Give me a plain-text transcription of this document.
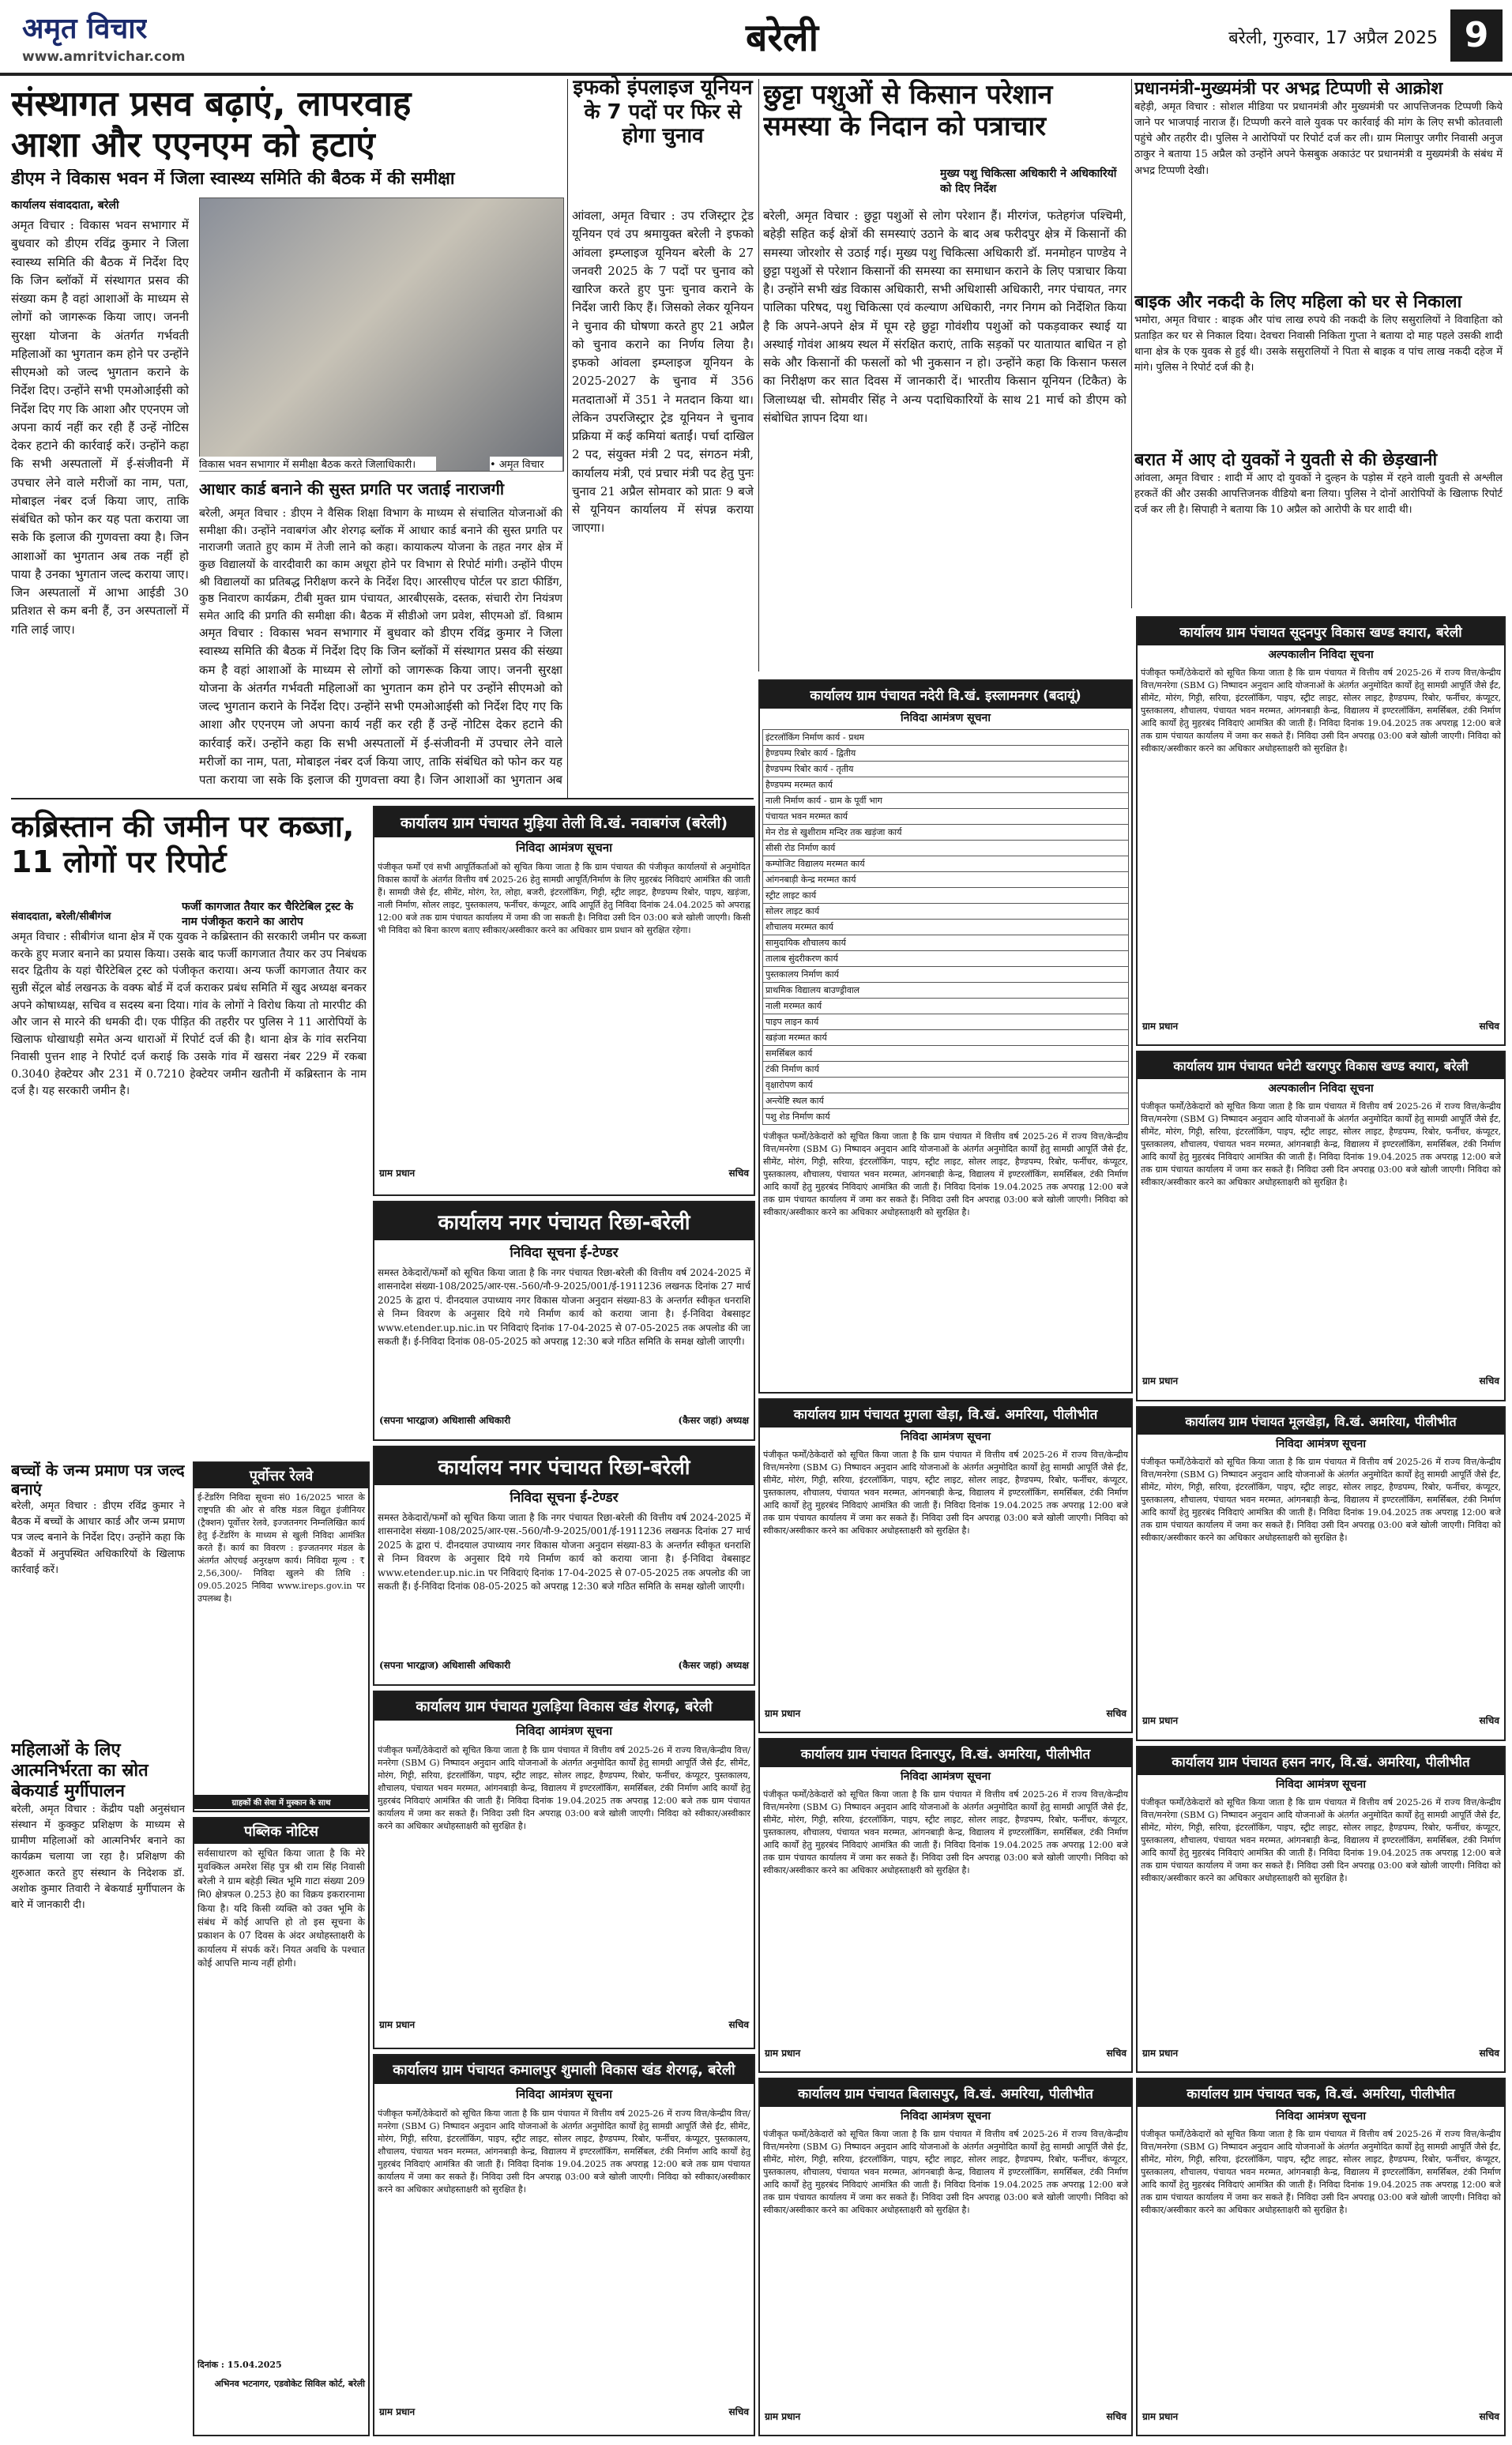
अमृत विचार
www.amritvichar.com	बरेली	बरेली, गुरुवार, 17 अप्रैल 2025 9
संस्थागत प्रसव बढ़ाएं, लापरवाह
आशा और एएनएम को हटाएं
डीएम ने विकास भवन में जिला स्वास्थ्य समिति की बैठक में की समीक्षा
कार्यालय संवाददाता, बरेली
अमृत विचार : विकास भवन सभागार में बुधवार को डीएम रविंद्र कुमार ने जिला स्वास्थ्य समिति की बैठक में निर्देश दिए कि जिन ब्लॉकों में संस्थागत प्रसव की संख्या कम है वहां आशाओं के माध्यम से लोगों को जागरूक किया जाए। जननी सुरक्षा योजना के अंतर्गत गर्भवती महिलाओं का भुगतान कम होने पर उन्होंने सीएमओ को जल्द भुगतान कराने के निर्देश दिए। उन्होंने सभी एमओआईसी को निर्देश दिए गए कि आशा और एएनएम जो अपना कार्य नहीं कर रही हैं उन्हें नोटिस देकर हटाने की कार्रवाई करें। उन्होंने कहा कि सभी अस्पतालों में ई-संजीवनी में उपचार लेने वाले मरीजों का नाम, पता, मोबाइल नंबर दर्ज किया जाए, ताकि संबंधित को फोन कर यह पता कराया जा सके कि इलाज की गुणवत्ता क्या है। जिन आशाओं का भुगतान अब तक नहीं हो पाया है उनका भुगतान जल्द कराया जाए। जिन अस्पतालों में आभा आईडी 30 प्रतिशत से कम बनी हैं, उन अस्पतालों में गति लाई जाए।
विकास भवन सभागार में समीक्षा बैठक करते जिलाधिकारी।	• अमृत विचार
अमृत विचार : विकास भवन सभागार में बुधवार को डीएम रविंद्र कुमार ने जिला स्वास्थ्य समिति की बैठक में निर्देश दिए कि जिन ब्लॉकों में संस्थागत प्रसव की संख्या कम है वहां आशाओं के माध्यम से लोगों को जागरूक किया जाए। जननी सुरक्षा योजना के अंतर्गत गर्भवती महिलाओं का भुगतान कम होने पर उन्होंने सीएमओ को जल्द भुगतान कराने के निर्देश दिए। उन्होंने सभी एमओआईसी को निर्देश दिए गए कि आशा और एएनएम जो अपना कार्य नहीं कर रही हैं उन्हें नोटिस देकर हटाने की कार्रवाई करें। उन्होंने कहा कि सभी अस्पतालों में ई-संजीवनी में उपचार लेने वाले मरीजों का नाम, पता, मोबाइल नंबर दर्ज किया जाए, ताकि संबंधित को फोन कर यह पता कराया जा सके कि इलाज की गुणवत्ता क्या है। जिन आशाओं का भुगतान अब
आधार कार्ड बनाने की सुस्त प्रगति पर जताई नाराजगी
बरेली, अमृत विचार : डीएम ने वैसिक शिक्षा विभाग के माध्यम से संचालित योजनाओं की समीक्षा की। उन्होंने नवाबगंज और शेरगढ़ ब्लॉक में आधार कार्ड बनाने की सुस्त प्रगति पर नाराजगी जताते हुए काम में तेजी लाने को कहा। कायाकल्प योजना के तहत नगर क्षेत्र में कुछ विद्यालयों के वारदीवारी का काम अधूरा होने पर विभाग से रिपोर्ट मांगी। उन्होंने पीएम श्री विद्यालयों का प्रतिबद्ध निरीक्षण करने के निर्देश दिए। आरसीएच पोर्टल पर डाटा फीडिंग, कुष्ठ निवारण कार्यक्रम, टीबी मुक्त ग्राम पंचायत, आरबीएसके, दस्तक, संचारी रोग नियंत्रण समेत आदि की प्रगति की समीक्षा की। बैठक में सीडीओ जग प्रवेश, सीएमओ डॉ. विश्राम
इफको इंपलाइज यूनियन के 7 पदों पर फिर से होगा चुनाव
आंवला, अमृत विचार : उप रजिस्ट्रार ट्रेड यूनियन एवं उप श्रमायुक्त बरेली ने इफको आंवला इम्प्लाइज यूनियन बरेली के 27 जनवरी 2025 के 7 पदों पर चुनाव को खारिज करते हुए पुनः चुनाव कराने के निर्देश जारी किए हैं। जिसको लेकर यूनियन ने चुनाव की घोषणा करते हुए 21 अप्रैल को चुनाव कराने का निर्णय लिया है। इफको आंवला इम्प्लाइज यूनियन के 2025-2027 के चुनाव में 356 मतदाताओं में 351 ने मतदान किया था। लेकिन उपरजिस्ट्रार ट्रेड यूनियन ने चुनाव प्रक्रिया में कई कमियां बताईं। पर्चा दाखिल 2 पद, संयुक्त मंत्री 2 पद, संगठन मंत्री, कार्यालय मंत्री, एवं प्रचार मंत्री पद हेतु पुनः चुनाव 21 अप्रैल सोमवार को प्रातः 9 बजे से यूनियन कार्यालय में संपन्न कराया जाएगा।
छुट्टा पशुओं से किसान परेशान
समस्या के निदान को पत्राचार
मुख्य पशु चिकित्सा अधिकारी ने अधिकारियों को दिए निर्देश
बरेली, अमृत विचार : छुट्टा पशुओं से लोग परेशान हैं। मीरगंज, फतेहगंज पश्चिमी, बहेड़ी सहित कई क्षेत्रों की समस्याएं उठाने के बाद अब फरीदपुर क्षेत्र में किसानों की समस्या जोरशोर से उठाई गई। मुख्य पशु चिकित्सा अधिकारी डॉ. मनमोहन पाण्डेय ने छुट्टा पशुओं से परेशान किसानों की समस्या का समाधान कराने के लिए पत्राचार किया है। उन्होंने सभी खंड विकास अधिकारी, सभी अधिशासी अधिकारी, नगर पंचायत, नगर पालिका परिषद, पशु चिकित्सा एवं कल्याण अधिकारी, नगर निगम को निर्देशित किया है कि अपने-अपने क्षेत्र में घूम रहे छुट्टा गोवंशीय पशुओं को पकड़वाकर स्थाई या अस्थाई गोवंश आश्रय स्थल में संरक्षित कराएं, ताकि सड़कों पर यातायात बाधित न हो सके और किसानों की फसलों को भी नुकसान न हो। उन्होंने कहा कि किसान फसल का निरीक्षण कर सात दिवस में जानकारी दें। भारतीय किसान यूनियन (टिकैत) के जिलाध्यक्ष ची. सोमवीर सिंह ने अन्य पदाधिकारियों के साथ 21 मार्च को डीएम को संबोधित ज्ञापन दिया था।
प्रधानमंत्री-मुख्यमंत्री पर अभद्र टिप्पणी से आक्रोश
बहेड़ी, अमृत विचार : सोशल मीडिया पर प्रधानमंत्री और मुख्यमंत्री पर आपत्तिजनक टिप्पणी किये जाने पर भाजपाई नाराज हैं। टिप्पणी करने वाले युवक पर कार्रवाई की मांग के लिए सभी कोतवाली पहुंचे और तहरीर दी। पुलिस ने आरोपियों पर रिपोर्ट दर्ज कर ली। ग्राम मिलापुर जगीर निवासी अनुज ठाकुर ने बताया 15 अप्रैल को उन्होंने अपने फेसबुक अकाउंट पर प्रधानमंत्री व मुख्यमंत्री के संबंध में अभद्र टिप्पणी देखी।
बाइक और नकदी के लिए महिला को घर से निकाला
भमोरा, अमृत विचार : बाइक और पांच लाख रुपये की नकदी के लिए ससुरालियों ने विवाहिता को प्रताड़ित कर घर से निकाल दिया। देवचरा निवासी निकिता गुप्ता ने बताया दो माह पहले उसकी शादी थाना क्षेत्र के एक युवक से हुई थी। उसके ससुरालियों ने पिता से बाइक व पांच लाख नकदी दहेज में मांगे। पुलिस ने रिपोर्ट दर्ज की है।
बरात में आए दो युवकों ने युवती से की छेड़खानी
आंवला, अमृत विचार : शादी में आए दो युवकों ने दुल्हन के पड़ोस में रहने वाली युवती से अश्लील हरकतें कीं और उसकी आपत्तिजनक वीडियो बना लिया। पुलिस ने दोनों आरोपियों के खिलाफ रिपोर्ट दर्ज कर ली है। सिपाही ने बताया कि 10 अप्रैल को आरोपी के घर शादी थी।
कब्रिस्तान की जमीन पर कब्जा, 11 लोगों पर रिपोर्ट
फर्जी कागजात तैयार कर चैरिटेबिल ट्रस्ट के नाम पंजीकृत कराने का आरोप
संवाददाता, बरेली/सीबीगंज
अमृत विचार : सीबीगंज थाना क्षेत्र में एक युवक ने कब्रिस्तान की सरकारी जमीन पर कब्जा करके हुए मजार बनाने का प्रयास किया। उसके बाद फर्जी कागजात तैयार कर उप निबंधक सदर द्वितीय के यहां चैरिटेबिल ट्रस्ट को पंजीकृत कराया। अन्य फर्जी कागजात तैयार कर सुन्नी सेंट्रल बोर्ड लखनऊ के वक्फ बोर्ड में दर्ज कराकर प्रबंध समिति में खुद अध्यक्ष बनकर अपने कोषाध्यक्ष, सचिव व सदस्य बना दिया। गांव के लोगों ने विरोध किया तो मारपीट की और जान से मारने की धमकी दी। एक पीड़ित की तहरीर पर पुलिस ने 11 आरोपियों के खिलाफ धोखाधड़ी समेत अन्य धाराओं में रिपोर्ट दर्ज की है। थाना क्षेत्र के गांव सरनिया निवासी पुत्तन शाह ने रिपोर्ट दर्ज कराई कि उसके गांव में खसरा नंबर 229 में रकबा 0.3040 हेक्टेयर और 231 में 0.7210 हेक्टेयर जमीन खतौनी में कब्रिस्तान के नाम दर्ज है। यह सरकारी जमीन है।
बच्चों के जन्म प्रमाण पत्र जल्द बनाएं
बरेली, अमृत विचार : डीएम रविंद्र कुमार ने बैठक में बच्चों के आधार कार्ड और जन्म प्रमाण पत्र जल्द बनाने के निर्देश दिए। उन्होंने कहा कि बैठकों में अनुपस्थित अधिकारियों के खिलाफ कार्रवाई करें।
महिलाओं के लिए आत्मनिर्भरता का स्रोत बेकयार्ड मुर्गीपालन
बरेली, अमृत विचार : केंद्रीय पक्षी अनुसंधान संस्थान में कुक्कुट प्रशिक्षण के माध्यम से ग्रामीण महिलाओं को आत्मनिर्भर बनाने का कार्यक्रम चलाया जा रहा है। प्रशिक्षण की शुरुआत करते हुए संस्थान के निदेशक डॉ. अशोक कुमार तिवारी ने बेकयार्ड मुर्गीपालन के बारे में जानकारी दी।
पूर्वोत्तर रेलवे
ई-टेंडरिंग निविदा सूचना सं0 16/2025 भारत के राष्ट्रपति की ओर से वरिष्ठ मंडल विद्युत इंजीनियर (ट्रैक्शन) पूर्वोत्तर रेलवे, इज्जतनगर निम्नलिखित कार्य हेतु ई-टेंडरिंग के माध्यम से खुली निविदा आमंत्रित करते हैं। कार्य का विवरण : इज्जतनगर मंडल के अंतर्गत ओएचई अनुरक्षण कार्य। निविदा मूल्य : ₹ 2,56,300/- निविदा खुलने की तिथि : 09.05.2025 निविदा www.ireps.gov.in पर उपलब्ध है।
ग्राहकों की सेवा में मुस्कान के साथ
पब्लिक नोटिस
सर्वसाधारण को सूचित किया जाता है कि मेरे मुवक्किल अमरेश सिंह पुत्र श्री राम सिंह निवासी बरेली ने ग्राम बहेड़ी स्थित भूमि गाटा संख्या 209 मि0 क्षेत्रफल 0.253 हे0 का विक्रय इकरारनामा किया है। यदि किसी व्यक्ति को उक्त भूमि के संबंध में कोई आपत्ति हो तो इस सूचना के प्रकाशन के 07 दिवस के अंदर अधोहस्ताक्षरी के कार्यालय में संपर्क करें। नियत अवधि के पश्चात कोई आपत्ति मान्य नहीं होगी।
दिनांक : 15.04.2025
अभिनव भटनागर, एडवोकेट सिविल कोर्ट, बरेली
कार्यालय ग्राम पंचायत मुड़िया तेली वि.खं. नवाबगंज (बरेली)
निविदा आमंत्रण सूचना
पंजीकृत फर्मों एवं सभी आपूर्तिकर्ताओं को सूचित किया जाता है कि ग्राम पंचायत की पंजीकृत कार्यालयों से अनुमोदित विकास कार्यों के अंतर्गत वित्तीय वर्ष 2025-26 हेतु सामग्री आपूर्ति/निर्माण के लिए मुहरबंद निविदाएं आमंत्रित की जाती हैं। सामग्री जैसे ईंट, सीमेंट, मोरंग, रेत, लोहा, बजरी, इंटरलॉकिंग, गिट्टी, स्ट्रीट लाइट, हैण्डपम्प रिबोर, पाइप, खड़ंजा, नाली निर्माण, सोलर लाइट, पुस्तकालय, फर्नीचर, कंप्यूटर, आदि आपूर्ति हेतु निविदा दिनांक 24.04.2025 को अपराह्न 12:00 बजे तक ग्राम पंचायत कार्यालय में जमा की जा सकती है। निविदा उसी दिन 03:00 बजे खोली जाएगी। किसी भी निविदा को बिना कारण बताए स्वीकार/अस्वीकार करने का अधिकार ग्राम प्रधान को सुरक्षित रहेगा।
ग्राम प्रधान	सचिव
कार्यालय नगर पंचायत रिछा-बरेली
निविदा सूचना ई-टेण्डर
समस्त ठेकेदारों/फर्मों को सूचित किया जाता है कि नगर पंचायत रिछा-बरेली की वित्तीय वर्ष 2024-2025 में शासनादेश संख्या-108/2025/आर-एस.-560/नौ-9-2025/001/ई-1911236 लखनऊ दिनांक 27 मार्च 2025 के द्वारा पं. दीनदयाल उपाध्याय नगर विकास योजना अनुदान संख्या-83 के अन्तर्गत स्वीकृत धनराशि से निम्न विवरण के अनुसार दिये गये निर्माण कार्य को कराया जाना है। ई-निविदा वेबसाइट www.etender.up.nic.in पर निविदाएं दिनांक 17-04-2025 से 07-05-2025 तक अपलोड की जा सकती हैं। ई-निविदा दिनांक 08-05-2025 को अपराह्न 12:30 बजे गठित समिति के समक्ष खोली जाएगी।
(सपना भारद्वाज) अधिशासी अधिकारी	(कैसर जहां) अध्यक्ष
कार्यालय नगर पंचायत रिछा-बरेली
निविदा सूचना ई-टेण्डर
समस्त ठेकेदारों/फर्मों को सूचित किया जाता है कि नगर पंचायत रिछा-बरेली की वित्तीय वर्ष 2024-2025 में शासनादेश संख्या-108/2025/आर-एस.-560/नौ-9-2025/001/ई-1911236 लखनऊ दिनांक 27 मार्च 2025 के द्वारा पं. दीनदयाल उपाध्याय नगर विकास योजना अनुदान संख्या-83 के अन्तर्गत स्वीकृत धनराशि से निम्न विवरण के अनुसार दिये गये निर्माण कार्य को कराया जाना है। ई-निविदा वेबसाइट www.etender.up.nic.in पर निविदाएं दिनांक 17-04-2025 से 07-05-2025 तक अपलोड की जा सकती हैं। ई-निविदा दिनांक 08-05-2025 को अपराह्न 12:30 बजे गठित समिति के समक्ष खोली जाएगी।
(सपना भारद्वाज) अधिशासी अधिकारी	(कैसर जहां) अध्यक्ष
कार्यालय ग्राम पंचायत गुलड़िया विकास खंड शेरगढ़, बरेली
निविदा आमंत्रण सूचना
पंजीकृत फर्मों/ठेकेदारों को सूचित किया जाता है कि ग्राम पंचायत में वित्तीय वर्ष 2025-26 में राज्य वित्त/केन्द्रीय वित्त/मनरेगा (SBM G) निष्पादन अनुदान आदि योजनाओं के अंतर्गत अनुमोदित कार्यों हेतु सामग्री आपूर्ति जैसे ईंट, सीमेंट, मोरंग, गिट्टी, सरिया, इंटरलॉकिंग, पाइप, स्ट्रीट लाइट, सोलर लाइट, हैण्डपम्प, रिबोर, फर्नीचर, कंप्यूटर, पुस्तकालय, शौचालय, पंचायत भवन मरम्मत, आंगनबाड़ी केन्द्र, विद्यालय में इण्टरलॉकिंग, समर्सिबल, टंकी निर्माण आदि कार्यों हेतु मुहरबंद निविदाएं आमंत्रित की जाती हैं। निविदा दिनांक 19.04.2025 तक अपराह्न 12:00 बजे तक ग्राम पंचायत कार्यालय में जमा कर सकते हैं। निविदा उसी दिन अपराह्न 03:00 बजे खोली जाएगी। निविदा को स्वीकार/अस्वीकार करने का अधिकार अधोहस्ताक्षरी को सुरक्षित है।
ग्राम प्रधान	सचिव
कार्यालय ग्राम पंचायत कमालपुर शुमाली विकास खंड शेरगढ़, बरेली
निविदा आमंत्रण सूचना
पंजीकृत फर्मों/ठेकेदारों को सूचित किया जाता है कि ग्राम पंचायत में वित्तीय वर्ष 2025-26 में राज्य वित्त/केन्द्रीय वित्त/मनरेगा (SBM G) निष्पादन अनुदान आदि योजनाओं के अंतर्गत अनुमोदित कार्यों हेतु सामग्री आपूर्ति जैसे ईंट, सीमेंट, मोरंग, गिट्टी, सरिया, इंटरलॉकिंग, पाइप, स्ट्रीट लाइट, सोलर लाइट, हैण्डपम्प, रिबोर, फर्नीचर, कंप्यूटर, पुस्तकालय, शौचालय, पंचायत भवन मरम्मत, आंगनबाड़ी केन्द्र, विद्यालय में इण्टरलॉकिंग, समर्सिबल, टंकी निर्माण आदि कार्यों हेतु मुहरबंद निविदाएं आमंत्रित की जाती हैं। निविदा दिनांक 19.04.2025 तक अपराह्न 12:00 बजे तक ग्राम पंचायत कार्यालय में जमा कर सकते हैं। निविदा उसी दिन अपराह्न 03:00 बजे खोली जाएगी। निविदा को स्वीकार/अस्वीकार करने का अधिकार अधोहस्ताक्षरी को सुरक्षित है।
ग्राम प्रधान	सचिव
कार्यालय ग्राम पंचायत नदेरी वि.खं. इस्लामनगर (बदायूं)
निविदा आमंत्रण सूचना
इंटरलॉकिंग निर्माण कार्य - प्रथम
हैण्डपम्प रिबोर कार्य - द्वितीय
हैण्डपम्प रिबोर कार्य - तृतीय
हैण्डपम्प मरम्मत कार्य
नाली निर्माण कार्य - ग्राम के पूर्वी भाग
पंचायत भवन मरम्मत कार्य
मेन रोड से खुशीराम मन्दिर तक खड़ंजा कार्य
सीसी रोड निर्माण कार्य
कम्पोजिट विद्यालय मरम्मत कार्य
आंगनबाड़ी केन्द्र मरम्मत कार्य
स्ट्रीट लाइट कार्य
सोलर लाइट कार्य
शौचालय मरम्मत कार्य
सामुदायिक शौचालय कार्य
तालाब सुंदरीकरण कार्य
पुस्तकालय निर्माण कार्य
प्राथमिक विद्यालय बाउण्ड्रीवाल
नाली मरम्मत कार्य
पाइप लाइन कार्य
खड़ंजा मरम्मत कार्य
समर्सिबल कार्य
टंकी निर्माण कार्य
वृक्षारोपण कार्य
अन्त्येष्टि स्थल कार्य
पशु शेड निर्माण कार्य
पंजीकृत फर्मों/ठेकेदारों को सूचित किया जाता है कि ग्राम पंचायत में वित्तीय वर्ष 2025-26 में राज्य वित्त/केन्द्रीय वित्त/मनरेगा (SBM G) निष्पादन अनुदान आदि योजनाओं के अंतर्गत अनुमोदित कार्यों हेतु सामग्री आपूर्ति जैसे ईंट, सीमेंट, मोरंग, गिट्टी, सरिया, इंटरलॉकिंग, पाइप, स्ट्रीट लाइट, सोलर लाइट, हैण्डपम्प, रिबोर, फर्नीचर, कंप्यूटर, पुस्तकालय, शौचालय, पंचायत भवन मरम्मत, आंगनबाड़ी केन्द्र, विद्यालय में इण्टरलॉकिंग, समर्सिबल, टंकी निर्माण आदि कार्यों हेतु मुहरबंद निविदाएं आमंत्रित की जाती हैं। निविदा दिनांक 19.04.2025 तक अपराह्न 12:00 बजे तक ग्राम पंचायत कार्यालय में जमा कर सकते हैं। निविदा उसी दिन अपराह्न 03:00 बजे खोली जाएगी। निविदा को स्वीकार/अस्वीकार करने का अधिकार अधोहस्ताक्षरी को सुरक्षित है।
कार्यालय ग्राम पंचायत मुगला खेड़ा, वि.खं. अमरिया, पीलीभीत
निविदा आमंत्रण सूचना
पंजीकृत फर्मों/ठेकेदारों को सूचित किया जाता है कि ग्राम पंचायत में वित्तीय वर्ष 2025-26 में राज्य वित्त/केन्द्रीय वित्त/मनरेगा (SBM G) निष्पादन अनुदान आदि योजनाओं के अंतर्गत अनुमोदित कार्यों हेतु सामग्री आपूर्ति जैसे ईंट, सीमेंट, मोरंग, गिट्टी, सरिया, इंटरलॉकिंग, पाइप, स्ट्रीट लाइट, सोलर लाइट, हैण्डपम्प, रिबोर, फर्नीचर, कंप्यूटर, पुस्तकालय, शौचालय, पंचायत भवन मरम्मत, आंगनबाड़ी केन्द्र, विद्यालय में इण्टरलॉकिंग, समर्सिबल, टंकी निर्माण आदि कार्यों हेतु मुहरबंद निविदाएं आमंत्रित की जाती हैं। निविदा दिनांक 19.04.2025 तक अपराह्न 12:00 बजे तक ग्राम पंचायत कार्यालय में जमा कर सकते हैं। निविदा उसी दिन अपराह्न 03:00 बजे खोली जाएगी। निविदा को स्वीकार/अस्वीकार करने का अधिकार अधोहस्ताक्षरी को सुरक्षित है।
ग्राम प्रधान	सचिव
कार्यालय ग्राम पंचायत दिनारपुर, वि.खं. अमरिया, पीलीभीत
निविदा आमंत्रण सूचना
पंजीकृत फर्मों/ठेकेदारों को सूचित किया जाता है कि ग्राम पंचायत में वित्तीय वर्ष 2025-26 में राज्य वित्त/केन्द्रीय वित्त/मनरेगा (SBM G) निष्पादन अनुदान आदि योजनाओं के अंतर्गत अनुमोदित कार्यों हेतु सामग्री आपूर्ति जैसे ईंट, सीमेंट, मोरंग, गिट्टी, सरिया, इंटरलॉकिंग, पाइप, स्ट्रीट लाइट, सोलर लाइट, हैण्डपम्प, रिबोर, फर्नीचर, कंप्यूटर, पुस्तकालय, शौचालय, पंचायत भवन मरम्मत, आंगनबाड़ी केन्द्र, विद्यालय में इण्टरलॉकिंग, समर्सिबल, टंकी निर्माण आदि कार्यों हेतु मुहरबंद निविदाएं आमंत्रित की जाती हैं। निविदा दिनांक 19.04.2025 तक अपराह्न 12:00 बजे तक ग्राम पंचायत कार्यालय में जमा कर सकते हैं। निविदा उसी दिन अपराह्न 03:00 बजे खोली जाएगी। निविदा को स्वीकार/अस्वीकार करने का अधिकार अधोहस्ताक्षरी को सुरक्षित है।
ग्राम प्रधान	सचिव
कार्यालय ग्राम पंचायत बिलासपुर, वि.खं. अमरिया, पीलीभीत
निविदा आमंत्रण सूचना
पंजीकृत फर्मों/ठेकेदारों को सूचित किया जाता है कि ग्राम पंचायत में वित्तीय वर्ष 2025-26 में राज्य वित्त/केन्द्रीय वित्त/मनरेगा (SBM G) निष्पादन अनुदान आदि योजनाओं के अंतर्गत अनुमोदित कार्यों हेतु सामग्री आपूर्ति जैसे ईंट, सीमेंट, मोरंग, गिट्टी, सरिया, इंटरलॉकिंग, पाइप, स्ट्रीट लाइट, सोलर लाइट, हैण्डपम्प, रिबोर, फर्नीचर, कंप्यूटर, पुस्तकालय, शौचालय, पंचायत भवन मरम्मत, आंगनबाड़ी केन्द्र, विद्यालय में इण्टरलॉकिंग, समर्सिबल, टंकी निर्माण आदि कार्यों हेतु मुहरबंद निविदाएं आमंत्रित की जाती हैं। निविदा दिनांक 19.04.2025 तक अपराह्न 12:00 बजे तक ग्राम पंचायत कार्यालय में जमा कर सकते हैं। निविदा उसी दिन अपराह्न 03:00 बजे खोली जाएगी। निविदा को स्वीकार/अस्वीकार करने का अधिकार अधोहस्ताक्षरी को सुरक्षित है।
ग्राम प्रधान	सचिव
कार्यालय ग्राम पंचायत सूदनपुर विकास खण्ड क्यारा, बरेली
अल्पकालीन निविदा सूचना
पंजीकृत फर्मों/ठेकेदारों को सूचित किया जाता है कि ग्राम पंचायत में वित्तीय वर्ष 2025-26 में राज्य वित्त/केन्द्रीय वित्त/मनरेगा (SBM G) निष्पादन अनुदान आदि योजनाओं के अंतर्गत अनुमोदित कार्यों हेतु सामग्री आपूर्ति जैसे ईंट, सीमेंट, मोरंग, गिट्टी, सरिया, इंटरलॉकिंग, पाइप, स्ट्रीट लाइट, सोलर लाइट, हैण्डपम्प, रिबोर, फर्नीचर, कंप्यूटर, पुस्तकालय, शौचालय, पंचायत भवन मरम्मत, आंगनबाड़ी केन्द्र, विद्यालय में इण्टरलॉकिंग, समर्सिबल, टंकी निर्माण आदि कार्यों हेतु मुहरबंद निविदाएं आमंत्रित की जाती हैं। निविदा दिनांक 19.04.2025 तक अपराह्न 12:00 बजे तक ग्राम पंचायत कार्यालय में जमा कर सकते हैं। निविदा उसी दिन अपराह्न 03:00 बजे खोली जाएगी। निविदा को स्वीकार/अस्वीकार करने का अधिकार अधोहस्ताक्षरी को सुरक्षित है।
ग्राम प्रधान	सचिव
कार्यालय ग्राम पंचायत धनेटी खरगपुर विकास खण्ड क्यारा, बरेली
अल्पकालीन निविदा सूचना
पंजीकृत फर्मों/ठेकेदारों को सूचित किया जाता है कि ग्राम पंचायत में वित्तीय वर्ष 2025-26 में राज्य वित्त/केन्द्रीय वित्त/मनरेगा (SBM G) निष्पादन अनुदान आदि योजनाओं के अंतर्गत अनुमोदित कार्यों हेतु सामग्री आपूर्ति जैसे ईंट, सीमेंट, मोरंग, गिट्टी, सरिया, इंटरलॉकिंग, पाइप, स्ट्रीट लाइट, सोलर लाइट, हैण्डपम्प, रिबोर, फर्नीचर, कंप्यूटर, पुस्तकालय, शौचालय, पंचायत भवन मरम्मत, आंगनबाड़ी केन्द्र, विद्यालय में इण्टरलॉकिंग, समर्सिबल, टंकी निर्माण आदि कार्यों हेतु मुहरबंद निविदाएं आमंत्रित की जाती हैं। निविदा दिनांक 19.04.2025 तक अपराह्न 12:00 बजे तक ग्राम पंचायत कार्यालय में जमा कर सकते हैं। निविदा उसी दिन अपराह्न 03:00 बजे खोली जाएगी। निविदा को स्वीकार/अस्वीकार करने का अधिकार अधोहस्ताक्षरी को सुरक्षित है।
ग्राम प्रधान	सचिव
कार्यालय ग्राम पंचायत मूलखेड़ा, वि.खं. अमरिया, पीलीभीत
निविदा आमंत्रण सूचना
पंजीकृत फर्मों/ठेकेदारों को सूचित किया जाता है कि ग्राम पंचायत में वित्तीय वर्ष 2025-26 में राज्य वित्त/केन्द्रीय वित्त/मनरेगा (SBM G) निष्पादन अनुदान आदि योजनाओं के अंतर्गत अनुमोदित कार्यों हेतु सामग्री आपूर्ति जैसे ईंट, सीमेंट, मोरंग, गिट्टी, सरिया, इंटरलॉकिंग, पाइप, स्ट्रीट लाइट, सोलर लाइट, हैण्डपम्प, रिबोर, फर्नीचर, कंप्यूटर, पुस्तकालय, शौचालय, पंचायत भवन मरम्मत, आंगनबाड़ी केन्द्र, विद्यालय में इण्टरलॉकिंग, समर्सिबल, टंकी निर्माण आदि कार्यों हेतु मुहरबंद निविदाएं आमंत्रित की जाती हैं। निविदा दिनांक 19.04.2025 तक अपराह्न 12:00 बजे तक ग्राम पंचायत कार्यालय में जमा कर सकते हैं। निविदा उसी दिन अपराह्न 03:00 बजे खोली जाएगी। निविदा को स्वीकार/अस्वीकार करने का अधिकार अधोहस्ताक्षरी को सुरक्षित है।
ग्राम प्रधान	सचिव
कार्यालय ग्राम पंचायत हसन नगर, वि.खं. अमरिया, पीलीभीत
निविदा आमंत्रण सूचना
पंजीकृत फर्मों/ठेकेदारों को सूचित किया जाता है कि ग्राम पंचायत में वित्तीय वर्ष 2025-26 में राज्य वित्त/केन्द्रीय वित्त/मनरेगा (SBM G) निष्पादन अनुदान आदि योजनाओं के अंतर्गत अनुमोदित कार्यों हेतु सामग्री आपूर्ति जैसे ईंट, सीमेंट, मोरंग, गिट्टी, सरिया, इंटरलॉकिंग, पाइप, स्ट्रीट लाइट, सोलर लाइट, हैण्डपम्प, रिबोर, फर्नीचर, कंप्यूटर, पुस्तकालय, शौचालय, पंचायत भवन मरम्मत, आंगनबाड़ी केन्द्र, विद्यालय में इण्टरलॉकिंग, समर्सिबल, टंकी निर्माण आदि कार्यों हेतु मुहरबंद निविदाएं आमंत्रित की जाती हैं। निविदा दिनांक 19.04.2025 तक अपराह्न 12:00 बजे तक ग्राम पंचायत कार्यालय में जमा कर सकते हैं। निविदा उसी दिन अपराह्न 03:00 बजे खोली जाएगी। निविदा को स्वीकार/अस्वीकार करने का अधिकार अधोहस्ताक्षरी को सुरक्षित है।
ग्राम प्रधान	सचिव
कार्यालय ग्राम पंचायत चक, वि.खं. अमरिया, पीलीभीत
निविदा आमंत्रण सूचना
पंजीकृत फर्मों/ठेकेदारों को सूचित किया जाता है कि ग्राम पंचायत में वित्तीय वर्ष 2025-26 में राज्य वित्त/केन्द्रीय वित्त/मनरेगा (SBM G) निष्पादन अनुदान आदि योजनाओं के अंतर्गत अनुमोदित कार्यों हेतु सामग्री आपूर्ति जैसे ईंट, सीमेंट, मोरंग, गिट्टी, सरिया, इंटरलॉकिंग, पाइप, स्ट्रीट लाइट, सोलर लाइट, हैण्डपम्प, रिबोर, फर्नीचर, कंप्यूटर, पुस्तकालय, शौचालय, पंचायत भवन मरम्मत, आंगनबाड़ी केन्द्र, विद्यालय में इण्टरलॉकिंग, समर्सिबल, टंकी निर्माण आदि कार्यों हेतु मुहरबंद निविदाएं आमंत्रित की जाती हैं। निविदा दिनांक 19.04.2025 तक अपराह्न 12:00 बजे तक ग्राम पंचायत कार्यालय में जमा कर सकते हैं। निविदा उसी दिन अपराह्न 03:00 बजे खोली जाएगी। निविदा को स्वीकार/अस्वीकार करने का अधिकार अधोहस्ताक्षरी को सुरक्षित है।
ग्राम प्रधान	सचिव
